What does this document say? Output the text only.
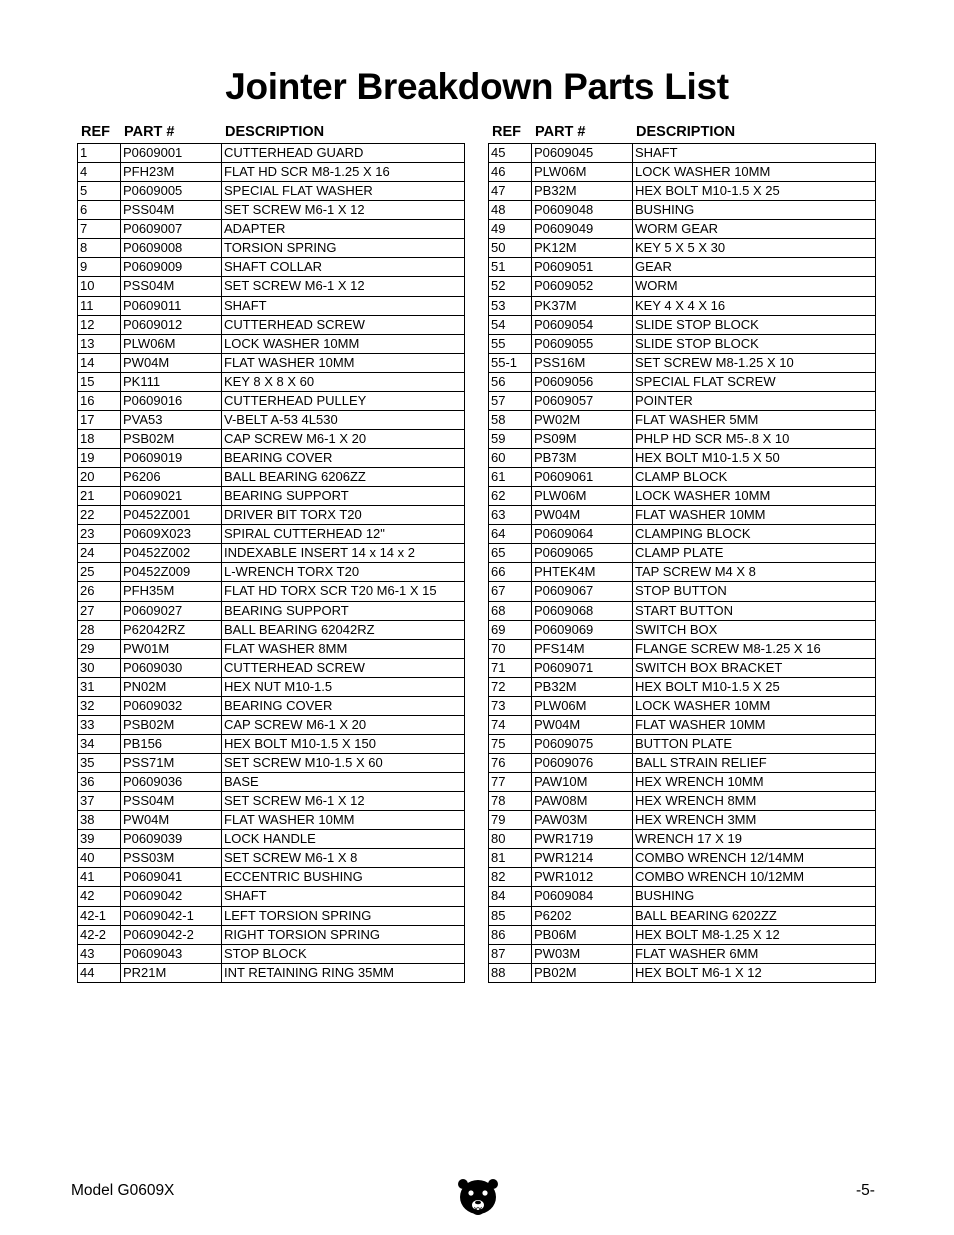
Jointer Breakdown Parts List
REF PART #	DESCRIPTION
1	P0609001	CUTTERHEAD GUARD
4	PFH23M	FLAT HD SCR M8-1.25 X 16
5	P0609005	SPECIAL FLAT WASHER
6	PSS04M	SET SCREW M6-1 X 12
7	P0609007	ADAPTER
8	P0609008	TORSION SPRING
9	P0609009	SHAFT COLLAR
10	PSS04M	SET SCREW M6-1 X 12
11	P0609011	SHAFT
12	P0609012	CUTTERHEAD SCREW
13	PLW06M	LOCK WASHER 10MM
14	PW04M	FLAT WASHER 10MM
15	PK111	KEY 8 X 8 X 60
16	P0609016	CUTTERHEAD PULLEY
17	PVA53	V-BELT A-53 4L530
18	PSB02M	CAP SCREW M6-1 X 20
19	P0609019	BEARING COVER
20	P6206	BALL BEARING 6206ZZ
21	P0609021	BEARING SUPPORT
22	P0452Z001	DRIVER BIT TORX T20
23	P0609X023	SPIRAL CUTTERHEAD 12"
24	P0452Z002	INDEXABLE INSERT 14 x 14 x 2
25	P0452Z009	L-WRENCH TORX T20
26	PFH35M	FLAT HD TORX SCR T20 M6-1 X 15
27	P0609027	BEARING SUPPORT
28	P62042RZ	BALL BEARING 62042RZ
29	PW01M	FLAT WASHER 8MM
30	P0609030	CUTTERHEAD SCREW
31	PN02M	HEX NUT M10-1.5
32	P0609032	BEARING COVER
33	PSB02M	CAP SCREW M6-1 X 20
34	PB156	HEX BOLT M10-1.5 X 150
35	PSS71M	SET SCREW M10-1.5 X 60
36	P0609036	BASE
37	PSS04M	SET SCREW M6-1 X 12
38	PW04M	FLAT WASHER 10MM
39	P0609039	LOCK HANDLE
40	PSS03M	SET SCREW M6-1 X 8
41	P0609041	ECCENTRIC BUSHING
42	P0609042	SHAFT
42-1	P0609042-1	LEFT TORSION SPRING
42-2	P0609042-2	RIGHT TORSION SPRING
43	P0609043	STOP BLOCK
44	PR21M	INT RETAINING RING 35MM
REF PART #	DESCRIPTION
45	P0609045	SHAFT
46	PLW06M	LOCK WASHER 10MM
47	PB32M	HEX BOLT M10-1.5 X 25
48	P0609048	BUSHING
49	P0609049	WORM GEAR
50	PK12M	KEY 5 X 5 X 30
51	P0609051	GEAR
52	P0609052	WORM
53	PK37M	KEY 4 X 4 X 16
54	P0609054	SLIDE STOP BLOCK
55	P0609055	SLIDE STOP BLOCK
55-1	PSS16M	SET SCREW M8-1.25 X 10
56	P0609056	SPECIAL FLAT SCREW
57	P0609057	POINTER
58	PW02M	FLAT WASHER 5MM
59	PS09M	PHLP HD SCR M5-.8 X 10
60	PB73M	HEX BOLT M10-1.5 X 50
61	P0609061	CLAMP BLOCK
62	PLW06M	LOCK WASHER 10MM
63	PW04M	FLAT WASHER 10MM
64	P0609064	CLAMPING BLOCK
65	P0609065	CLAMP PLATE
66	PHTEK4M	TAP SCREW M4 X 8
67	P0609067	STOP BUTTON
68	P0609068	START BUTTON
69	P0609069	SWITCH BOX
70	PFS14M	FLANGE SCREW M8-1.25 X 16
71	P0609071	SWITCH BOX BRACKET
72	PB32M	HEX BOLT M10-1.5 X 25
73	PLW06M	LOCK WASHER 10MM
74	PW04M	FLAT WASHER 10MM
75	P0609075	BUTTON PLATE
76	P0609076	BALL STRAIN RELIEF
77	PAW10M	HEX WRENCH 10MM
78	PAW08M	HEX WRENCH 8MM
79	PAW03M	HEX WRENCH 3MM
80	PWR1719	WRENCH 17 X 19
81	PWR1214	COMBO WRENCH 12/14MM
82	PWR1012	COMBO WRENCH 10/12MM
84	P0609084	BUSHING
85	P6202	BALL BEARING 6202ZZ
86	PB06M	HEX BOLT M8-1.25 X 12
87	PW03M	FLAT WASHER 6MM
88	PB02M	HEX BOLT M6-1 X 12
Model G0609X	-5-
